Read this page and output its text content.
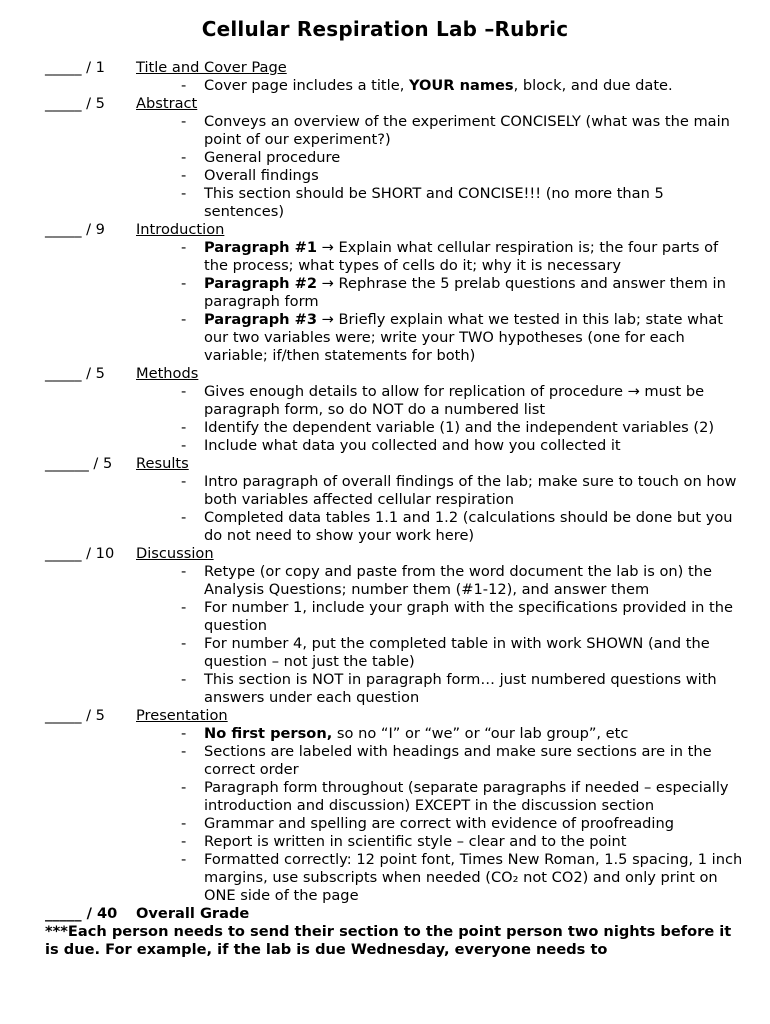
Cellular Respiration Lab –Rubric
_____ / 1	Title and Cover Page
-	Cover page includes a title, YOUR names, block, and due date.
_____ / 5	Abstract
-	Conveys an overview of the experiment CONCISELY (what was the main point of our experiment?)
-	General procedure
-	Overall findings
-	This section should be SHORT and CONCISE!!! (no more than 5 sentences)
_____ / 9	Introduction
-	Paragraph #1 → Explain what cellular respiration is; the four parts of the process; what types of cells do it; why it is necessary
-	Paragraph #2 → Rephrase the 5 prelab questions and answer them in paragraph form
-	Paragraph #3 → Briefly explain what we tested in this lab; state what our two variables were; write your TWO hypotheses (one for each variable; if/then statements for both)
_____ / 5	Methods
-	Gives enough details to allow for replication of procedure → must be paragraph form, so do NOT do a numbered list
-	Identify the dependent variable (1) and the independent variables (2)
-	Include what data you collected and how you collected it
______ / 5	Results
-	Intro paragraph of overall findings of the lab; make sure to touch on how both variables affected cellular respiration
-	Completed data tables 1.1 and 1.2 (calculations should be done but you do not need to show your work here)
_____ / 10	Discussion
-	Retype (or copy and paste from the word document the lab is on) the Analysis Questions; number them (#1-12), and answer them
-	For number 1, include your graph with the specifications provided in the question
-	For number 4, put the completed table in with work SHOWN (and the question – not just the table)
-	This section is NOT in paragraph form… just numbered questions with answers under each question
_____ / 5	Presentation
-	No first person, so no “I” or “we” or “our lab group”, etc
-	Sections are labeled with headings and make sure sections are in the correct order
-	Paragraph form throughout (separate paragraphs if needed – especially introduction and discussion) EXCEPT in the discussion section
-	Grammar and spelling are correct with evidence of proofreading
-	Report is written in scientific style – clear and to the point
-	Formatted correctly: 12 point font, Times New Roman, 1.5 spacing, 1 inch margins, use subscripts when needed (CO₂ not CO2) and only print on ONE side of the page
_____ / 40	Overall Grade
***Each person needs to send their section to the point person two nights before it is due. For example, if the lab is due Wednesday, everyone needs to
